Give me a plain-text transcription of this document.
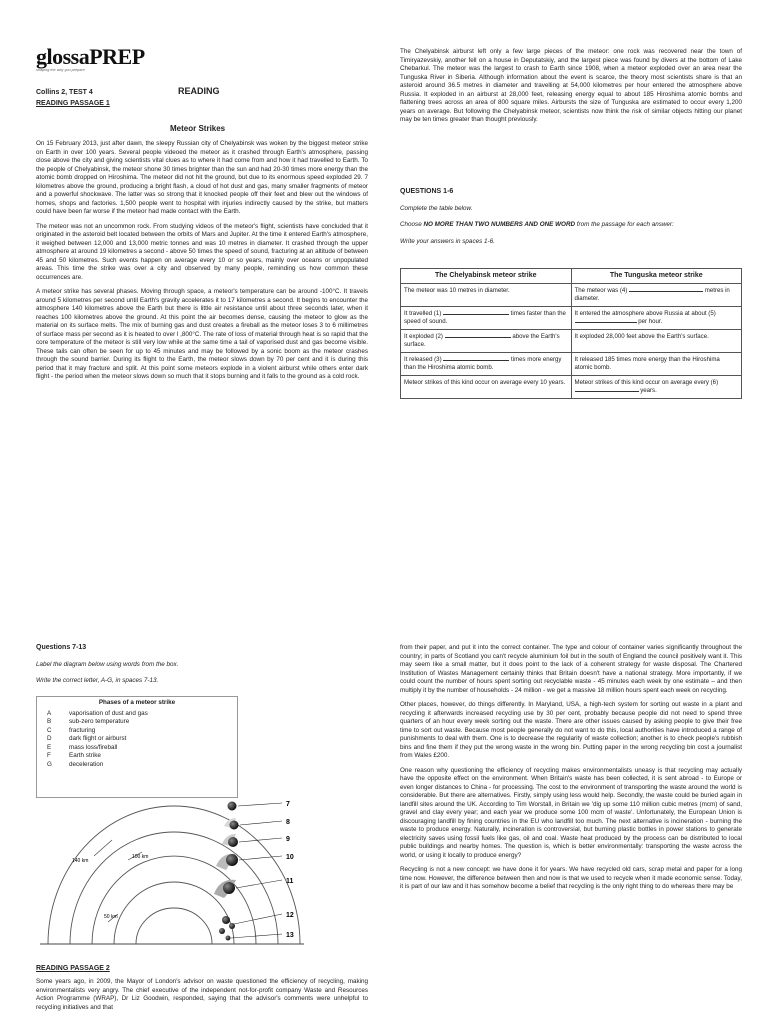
glossaPREP
shaping the way you prepare
Collins 2, TEST 4	READING
READING PASSAGE 1
Meteor Strikes

On 15 February 2013, just after dawn, the sleepy Russian city of Chelyabinsk was woken by the biggest meteor strike on Earth in over 100 years. Several people videoed the meteor as it crashed through Earth's atmosphere, passing close above the city and giving scientists vital clues as to where it had come from and how it had travelled to Earth. To the people of Chelyabinsk, the meteor shone 30 times brighter than the sun and had 20-30 times more energy than the atomic bomb dropped on Hiroshima. The meteor did not hit the ground, but due to its enormous speed exploded 29. 7 kilometres above the ground, producing a bright flash, a cloud of hot dust and gas, many smaller fragments of meteor and a powerful shockwave. The latter was so strong that it knocked people off their feet and blew out the windows of homes, shops and factories. 1,500 people went to hospital with injuries indirectly caused by the strike, but matters could have been far worse if the meteor had made contact with the Earth.

The meteor was not an uncommon rock. From studying videos of the meteor's flight, scientists have concluded that it originated in the asteroid belt located between the orbits of Mars and Jupiter. At the time it entered Earth's atmosphere, it weighed between 12,000 and 13,000 metric tonnes and was 10 metres in diameter. It crashed through the upper atmosphere at around 19 kilometres a second - above 50 times the speed of sound, fracturing at an altitude of between 45 and 50 kilometres. Such events happen on average every 10 or so years, mainly over oceans or unpopulated areas. This time the strike was over a city and observed by many people, reminding us how common these occurrences are.

A meteor strike has several phases. Moving through space, a meteor's temperature can be around -100°C. It travels around 5 kilometres per second until Earth's gravity accelerates it to 17 kilometres a second. It begins to encounter the atmosphere 140 kilometres above the Earth but there is little air resistance until about three seconds later, when it reaches 100 kilometres above the ground. At this point the air becomes dense, causing the meteor to glow as the material on its surface melts. The mix of burning gas and dust creates a fireball as the meteor loses 3 to 6 millimetres of surface mass per second as it is heated to over l ,800°C. The rate of loss of material through heat is so rapid that the core temperature of the meteor is still very low while at the same time a tail of vaporised dust and gas become visible. These tails can often be seen for up to 45 minutes and may be followed by a sonic boom as the meteor crashes through the sound barrier. During its flight to the Earth, the meteor slows down by 70 per cent and it is during this period that it may fracture and split. At this point some meteors explode in a violent airburst while others enter dark flight - the period when the meteor slows down so much that it stops burning and it falls to the ground as a cold rock.

The Chelyabinsk airburst left only a few large pieces of the meteor: one rock was recovered near the town of Timiryazevskiy, another fell on a house in Deputatskiy, and the largest piece was found by divers at the bottom of Lake Chebarkul. The meteor was the largest to crash to Earth since 1908, when a meteor exploded over an area near the Tunguska River in Siberia. Although information about the event is scarce, the theory most scientists share is that an asteroid around 36.5 metres in diameter and travelling at 54,000 kilometres per hour entered the atmosphere above Russia. It exploded in an airburst at 28,000 feet, releasing energy equal to about 185 Hiroshima atomic bombs and flattening trees across an area of 800 square miles. Airbursts the size of Tunguska are estimated to occur every 1,200 years on average. But following the Chelyabinsk meteor, scientists now think the risk of similar objects hitting our planet may be ten times greater than thought previously.

QUESTIONS 1-6
Complete the table below.
Choose NO MORE THAN TWO NUMBERS AND ONE WORD from the passage for each answer:
Write your answers in spaces 1-6.
The Chelyabinsk meteor strike	The Tunguska meteor strike
The meteor was 10 metres in diameter.	The meteor was (4) metres in diameter.
It travelled (1) times faster than the speed of sound.	It entered the atmosphere above Russia at about (5)  per hour.
It exploded (2) above the Earth's surface.	It exploded 28,000 feet above the Earth's surface.
It released (3) times more energy than the Hiroshima atomic bomb.	It released 185 times more energy than the Hiroshima atomic bomb.
Meteor strikes of this kind occur on average every 10 years.	Meteor strikes of this kind occur on average every (6)  years.
Questions 7-13
Label the diagram below using words from the box.
Write the correct letter, A-G, in spaces 7-13.
Phases of a meteor strike
A	vaporisation of dust and gas
B	sub-zero temperature
C	fracturing
D	dark flight or airburst
E	mass loss/fireball
F	Earth strike
G	deceleration
140 km
100 km
50 km
7
8
9
10
11
12
13
READING PASSAGE 2

Some years ago, in 2009, the Mayor of London's advisor on waste questioned the efficiency of recycling, making environmentalists very angry. The chief executive of the independent not-for-profit company Waste and Resources Action Programme (WRAP), Dr Liz Goodwin, responded, saying that the advisor's comments were unhelpful to recycling initiatives and that

from their paper, and put it into the correct container. The type and colour of container varies significantly throughout the country; in parts of Scotland you can't recycle aluminium foil but in the south of England the council positively want it. This may seem like a small matter, but it does point to the lack of a coherent strategy for waste disposal. The Chartered Institution of Wastes Management certainly thinks that Britain doesn't have a national strategy. More importantly, if we could count the number of hours spent sorting out recyclable waste - 45 minutes each week by one estimate – and then multiply it by the number of households - 24 million - we get a massive 18 million hours spent each week on recycling.

Other places, however, do things differently. In Maryland, USA, a high-tech system for sorting out waste in a plant and recycling it afterwards increased recycling use by 30 per cent, probably because people did not need to spend three quarters of an hour every week sorting out the waste. There are other issues caused by asking people to give their free time to sort out waste. Because most people generally do not want to do this, local authorities have introduced a range of punishments to deal with them. One is to decrease the regularity of waste collection; another is to check people's rubbish bins and fine them if they put the wrong waste in the wrong bin. Putting paper in the wrong recycling bin cost a journalist from Wales £200.

One reason why questioning the efficiency of recycling makes environmentalists uneasy is that recycling may actually have the opposite effect on the environment. When Britain's waste has been collected, it is sent abroad - to Europe or even longer distances to China - for processing. The cost to the environment of transporting the waste around the world is considerable. But there are alternatives. Firstly, simply using less would help. Secondly, the waste could be buried again in landfill sites around the UK. According to Tim Worstall, in Britain we 'dig up some 110 million cubic metres (mcm) of sand, gravel and clay every year; and each year we produce some 100 mcm of waste'. Unfortunately, the European Union is discouraging landfill by fining countries in the EU who landfill too much. The next alternative is incineration - burning the waste to produce energy. Naturally, incineration is controversial, but burning plastic bottles in power stations to generate electricity saves using fossil fuels like gas, oil and coal. Waste heat produced by the process can be distributed to local public buildings and nearby homes. The question is, which is better environmentally: transporting the waste across the world, or using it locally to produce energy?

Recycling is not a new concept: we have done it for years. We have recycled old cars, scrap metal and paper for a long time now. However, the difference between then and now is that we used to recycle when it made economic sense. Today, it is part of our law and it has somehow become a belief that recycling is the only right thing to do whereas there may be
